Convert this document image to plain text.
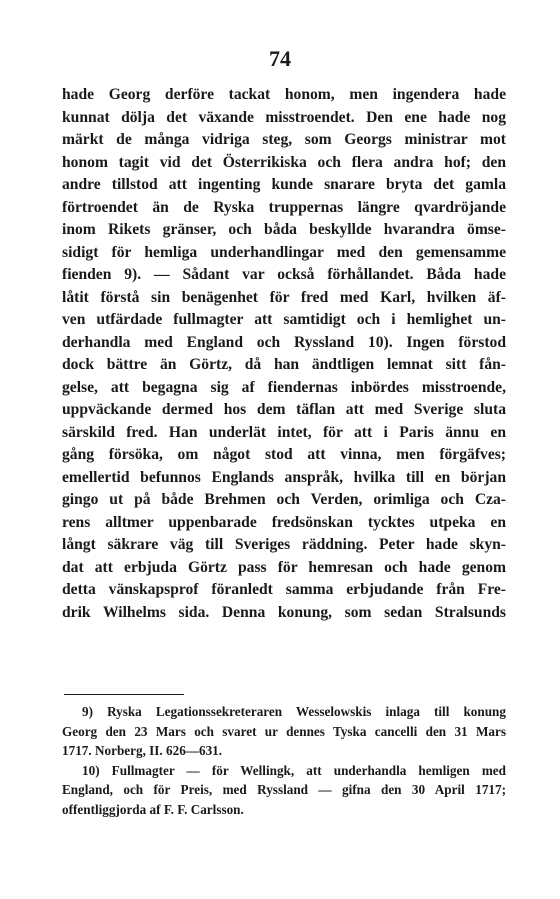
74
hade Georg derföre tackat honom, men ingendera hade
kunnat dölja det växande misstroendet. Den ene hade nog
märkt de många vidriga steg, som Georgs ministrar mot
honom tagit vid det Österrikiska och flera andra hof; den
andre tillstod att ingenting kunde snarare bryta det gamla
förtroendet än de Ryska truppernas längre qvardröjande
inom Rikets gränser, och båda beskyllde hvarandra ömse-
sidigt för hemliga underhandlingar med den gemensamme
fienden 9). — Sådant var också förhållandet. Båda hade
låtit förstå sin benägenhet för fred med Karl, hvilken äf-
ven utfärdade fullmagter att samtidigt och i hemlighet un-
derhandla med England och Ryssland 10). Ingen förstod
dock bättre än Görtz, då han ändtligen lemnat sitt fån-
gelse, att begagna sig af fiendernas inbördes misstroende,
uppväckande dermed hos dem täflan att med Sverige sluta
särskild fred. Han underlät intet, för att i Paris ännu en
gång försöka, om något stod att vinna, men förgäfves;
emellertid befunnos Englands anspråk, hvilka till en början
gingo ut på både Brehmen och Verden, orimliga och Cza-
rens alltmer uppenbarade fredsönskan tycktes utpeka en
långt säkrare väg till Sveriges räddning. Peter hade skyn-
dat att erbjuda Görtz pass för hemresan och hade genom
detta vänskapsprof föranledt samma erbjudande från Fre-
drik Wilhelms sida. Denna konung, som sedan Stralsunds
9) Ryska Legationssekreteraren Wesselowskis inlaga till konung
Georg den 23 Mars och svaret ur dennes Tyska cancelli den 31 Mars
1717. Norberg, II. 626—631.
10) Fullmagter — för Wellingk, att underhandla hemligen med
England, och för Preis, med Ryssland — gifna den 30 April 1717;
offentliggjorda af F. F. Carlsson.
